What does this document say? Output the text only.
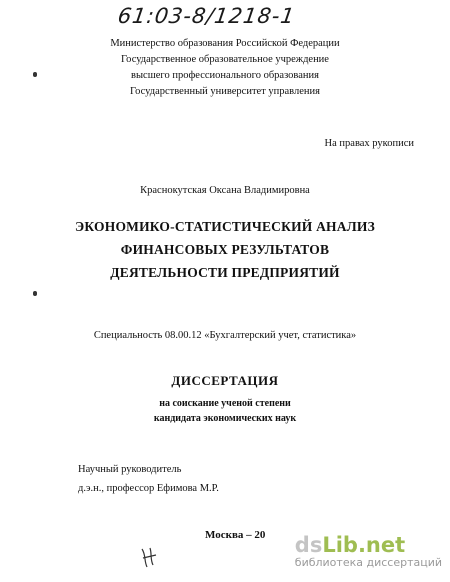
61:03-8/1218-1
Министерство образования Российской Федерации
Государственное образовательное учреждение
высшего профессионального образования
Государственный университет управления
На правах рукописи
Краснокутская Оксана Владимировна
ЭКОНОМИКО-СТАТИСТИЧЕСКИЙ АНАЛИЗ
ФИНАНСОВЫХ РЕЗУЛЬТАТОВ
ДЕЯТЕЛЬНОСТИ ПРЕДПРИЯТИЙ
Специальность 08.00.12 «Бухгалтерский учет, статистика»
ДИССЕРТАЦИЯ
на соискание ученой степени
кандидата экономических наук
Научный руководитель
д.э.н., профессор Ефимова М.Р.
Москва – 20 dsLib.net
библиотека диссертаций
